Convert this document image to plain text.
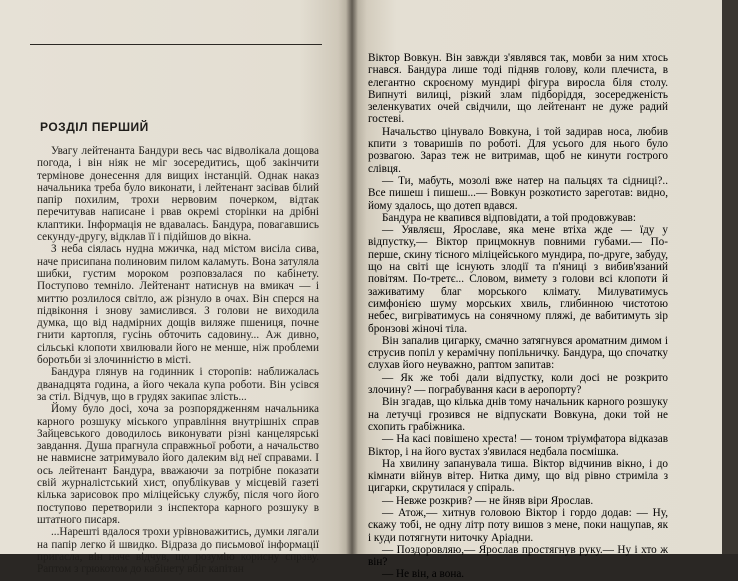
РОЗДІЛ ПЕРШИЙ

Увагу лейтенанта Бандури весь час відволікала дощова погода, і він ніяк не міг зосередитись, щоб закінчити термінове донесення для вищих інстанцій. Однак наказ начальника треба було виконати, і лейтенант засівав білий папір похилим, трохи нервовим почерком, відтак перечитував написане і рвав окремі сторінки на дрібні клаптики. Інформація не вдавалась. Бандура, повагавшись секунду-другу, відклав її і підійшов до вікна.

З неба сіялась нудна мжичка, над містом висіла сива, наче присипана полиновим пилом каламуть. Вона затуляла шибки, густим мороком розповзалася по кабінету. Поступово темніло. Лейтенант натиснув на вмикач — і миттю розлилося світло, аж різнуло в очах. Він сперся на підвіконня і знову замислився. З голови не виходила думка, що від надмірних дощів виляже пшениця, почне гнити картопля, гусінь обточить садовину... Аж дивно, сільські клопоти хвилювали його не менше, ніж проблеми боротьби зі злочинністю в місті.

Бандура глянув на годинник і сторопів: наближалась дванадцята година, а його чекала купа роботи. Він усівся за стіл. Відчув, що в грудях закипає злість...

Йому було досі, хоча за розпорядженням начальника карного розшуку міського управління внутрішніх справ Зайцевського доводилось виконувати різні канцелярські завдання. Душа прагнула справжньої роботи, а начальство не навмисне затримувало його далеким від неї справами. І ось лейтенант Бандура, вважаючи за потрібне показати свій журналістський хист, опублікував у місцевій газеті кілька зарисовок про міліцейську службу, після чого його поступово перетворили з інспектора карного розшуку в штатного писаря.

...Нарешті вдалося трохи урівноважитись, думки лягали на папір легко й швидко. Відраза до письмової інформації пригасла, він наче відчув, що розумію корисну справу. Раптом з грюкотом до кабінету вбіг капітан

Віктор Вовкун. Він завжди з'являвся так, мовби за ним хтось гнався. Бандура лише тоді підняв голову, коли плечиста, в елегантно скроєному мундирі фігура виросла біля столу. Випнуті вилиці, різкий злам підборіддя, зосередженість зеленкуватих очей свідчили, що лейтенант не дуже радий гостеві.

Начальство цінувало Вовкуна, і той задирав носа, любив кпити з товаришів по роботі. Для усього для нього було розвагою. Зараз теж не витримав, щоб не кинути гострого слівця.

— Ти, мабуть, мозолі вже натер на пальцях та сідниці?.. Все пишеш і пишеш...— Вовкун розкотисто зареготав: видно, йому здалось, що дотеп вдався.

Бандура не квапився відповідати, а той продовжував:

— Уявляєш, Ярославе, яка мене втіха жде — їду у відпустку,— Віктор прицмокнув повними губами.— По-перше, скину тісного міліцейського мундира, по-друге, забуду, що на світі ще існують злодії та п'яниці з вибив'язаний повітям. По-третє... Словом, вимету з голови всі клопоти й заживатиму благ морського клімату. Милуватимусь симфонією шуму морських хвиль, глибинною чистотою небес, вигріватимусь на сонячному пляжі, де вабитимуть зір бронзові жіночі тіла.

Він запалив цигарку, смачно затягнувся ароматним димом і струсив попіл у керамічну попільничку. Бандура, що спочатку слухав його неуважно, раптом запитав:

— Як же тобі дали відпустку, коли досі не розкрито злочину? — пограбування каси в аеропорту?

Він згадав, що кілька днів тому начальник карного розшуку на летучці грозився не відпускати Вовкуна, доки той не схопить грабіжника.

— На касі повішено хреста! — тоном тріумфатора відказав Віктор, і на його вустах з'явилася недбала посмішка.

На хвилину запанувала тиша. Віктор відчинив вікно, і до кімнати війнув вітер. Нитка диму, що від рівно стриміла з цигарки, скрутилася у спіраль.

— Невже розкрив? — не йняв віри Ярослав.

— Атож,— хитнув головою Віктор і гордо додав: — Ну, скажу тобі, не одну літр поту вишов з мене, поки нащупав, як і куди потягнути ниточку Аріадни.

— Поздоровляю,— Ярослав простягнув руку.— Ну і хто ж він?

— Не він, а вона.
